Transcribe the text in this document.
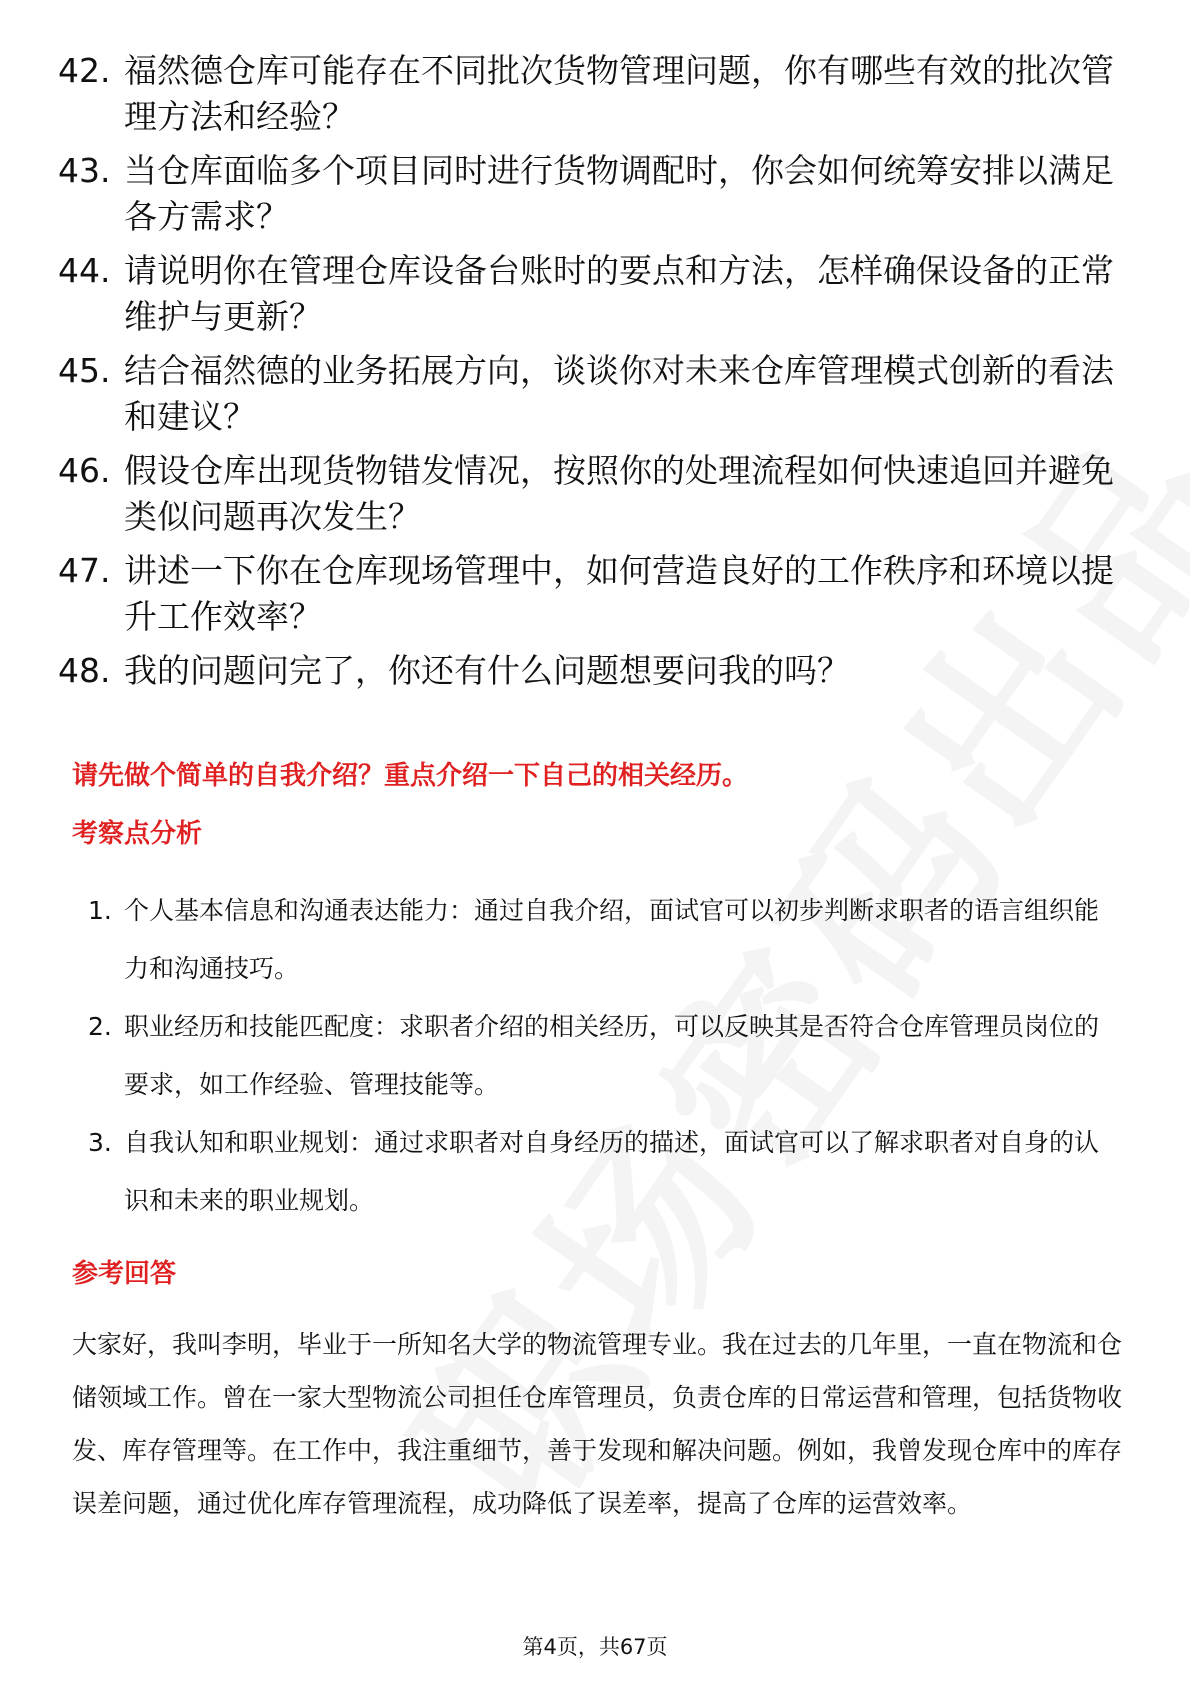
42. 福然德仓库可能存在不同批次货物管理问题，你有哪些有效的批次管理方法和经验？
43. 当仓库面临多个项目同时进行货物调配时，你会如何统筹安排以满足各方需求？
44. 请说明你在管理仓库设备台账时的要点和方法，怎样确保设备的正常维护与更新？
45. 结合福然德的业务拓展方向，谈谈你对未来仓库管理模式创新的看法和建议？
46. 假设仓库出现货物错发情况，按照你的处理流程如何快速追回并避免类似问题再次发生？
47. 讲述一下你在仓库现场管理中，如何营造良好的工作秩序和环境以提升工作效率？
48. 我的问题问完了，你还有什么问题想要问我的吗？
请先做个简单的自我介绍？重点介绍一下自己的相关经历。
考察点分析
1. 个人基本信息和沟通表达能力：通过自我介绍，面试官可以初步判断求职者的语言组织能力和沟通技巧。
2. 职业经历和技能匹配度：求职者介绍的相关经历，可以反映其是否符合仓库管理员岗位的要求，如工作经验、管理技能等。
3. 自我认知和职业规划：通过求职者对自身经历的描述，面试官可以了解求职者对自身的认识和未来的职业规划。
参考回答
大家好，我叫李明，毕业于一所知名大学的物流管理专业。我在过去的几年里，一直在物流和仓储领域工作。曾在一家大型物流公司担任仓库管理员，负责仓库的日常运营和管理，包括货物收发、库存管理等。在工作中，我注重细节，善于发现和解决问题。例如，我曾发现仓库中的库存误差问题，通过优化库存管理流程，成功降低了误差率，提高了仓库的运营效率。
第4页，共67页
